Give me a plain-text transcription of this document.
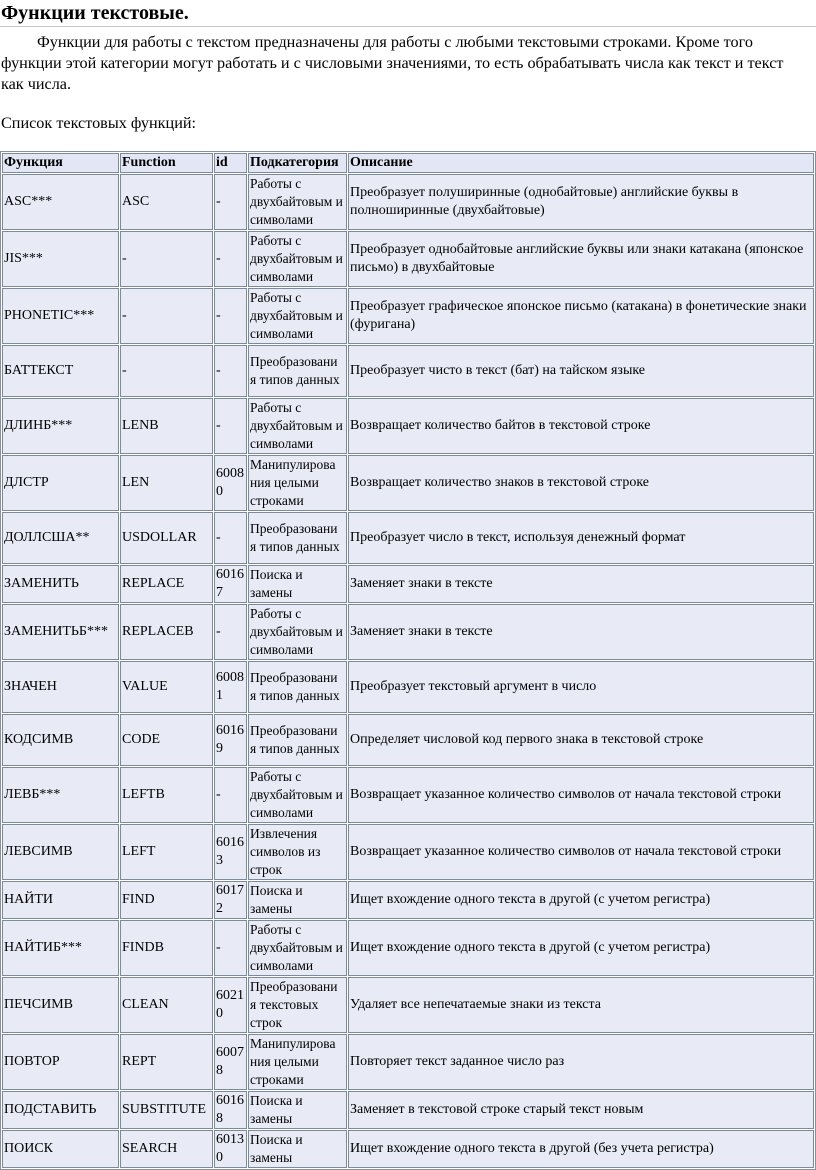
Функции текстовые.

Функции для работы с текстом предназначены для работы с любыми текстовыми строками. Кроме того функции этой категории могут работать и с числовыми значениями, то есть обрабатывать числа как текст и текст как числа.

Список текстовых функций:

Функция	Function	id	Подкатегория	Описание
ASC***	ASC	-	Работы с двухбайтовым и символами	Преобразует полуширинные (однобайтовые) английские буквы в полноширинные (двухбайтовые)
JIS***	-	-	Работы с двухбайтовым и символами	Преобразует однобайтовые английские буквы или знаки катакана (японское письмо) в двухбайтовые
PHONETIC***	-	-	Работы с двухбайтовым и символами	Преобразует графическое японское письмо (катакана) в фонетические знаки (фуригана)
БАТТЕКСТ	-	-	Преобразовани я типов данных	Преобразует чисто в текст (бат) на тайском языке
ДЛИНБ***	LENB	-	Работы с двухбайтовым и символами	Возвращает количество байтов в текстовой строке
ДЛСТР	LEN	60080	Манипулирова ния целыми строками	Возвращает количество знаков в текстовой строке
ДОЛЛСША**	USDOLLAR	-	Преобразовани я типов данных	Преобразует число в текст, используя денежный формат
ЗАМЕНИТЬ	REPLACE	60167	Поиска и замены	Заменяет знаки в тексте
ЗАМЕНИТЬБ***	REPLACEB	-	Работы с двухбайтовым и символами	Заменяет знаки в тексте
ЗНАЧЕН	VALUE	60081	Преобразовани я типов данных	Преобразует текстовый аргумент в число
КОДСИМВ	CODE	60169	Преобразовани я типов данных	Определяет числовой код первого знака в текстовой строке
ЛЕВБ***	LEFTB	-	Работы с двухбайтовым и символами	Возвращает указанное количество символов от начала текстовой строки
ЛЕВСИМВ	LEFT	60163	Извлечения символов из строк	Возвращает указанное количество символов от начала текстовой строки
НАЙТИ	FIND	60172	Поиска и замены	Ищет вхождение одного текста в другой (с учетом регистра)
НАЙТИБ***	FINDB	-	Работы с двухбайтовым и символами	Ищет вхождение одного текста в другой (с учетом регистра)
ПЕЧСИМВ	CLEAN	60210	Преобразовани я текстовых строк	Удаляет все непечатаемые знаки из текста
ПОВТОР	REPT	60078	Манипулирова ния целыми строками	Повторяет текст заданное число раз
ПОДСТАВИТЬ	SUBSTITUTE	60168	Поиска и замены	Заменяет в текстовой строке старый текст новым
ПОИСК	SEARCH	60130	Поиска и замены	Ищет вхождение одного текста в другой (без учета регистра)
